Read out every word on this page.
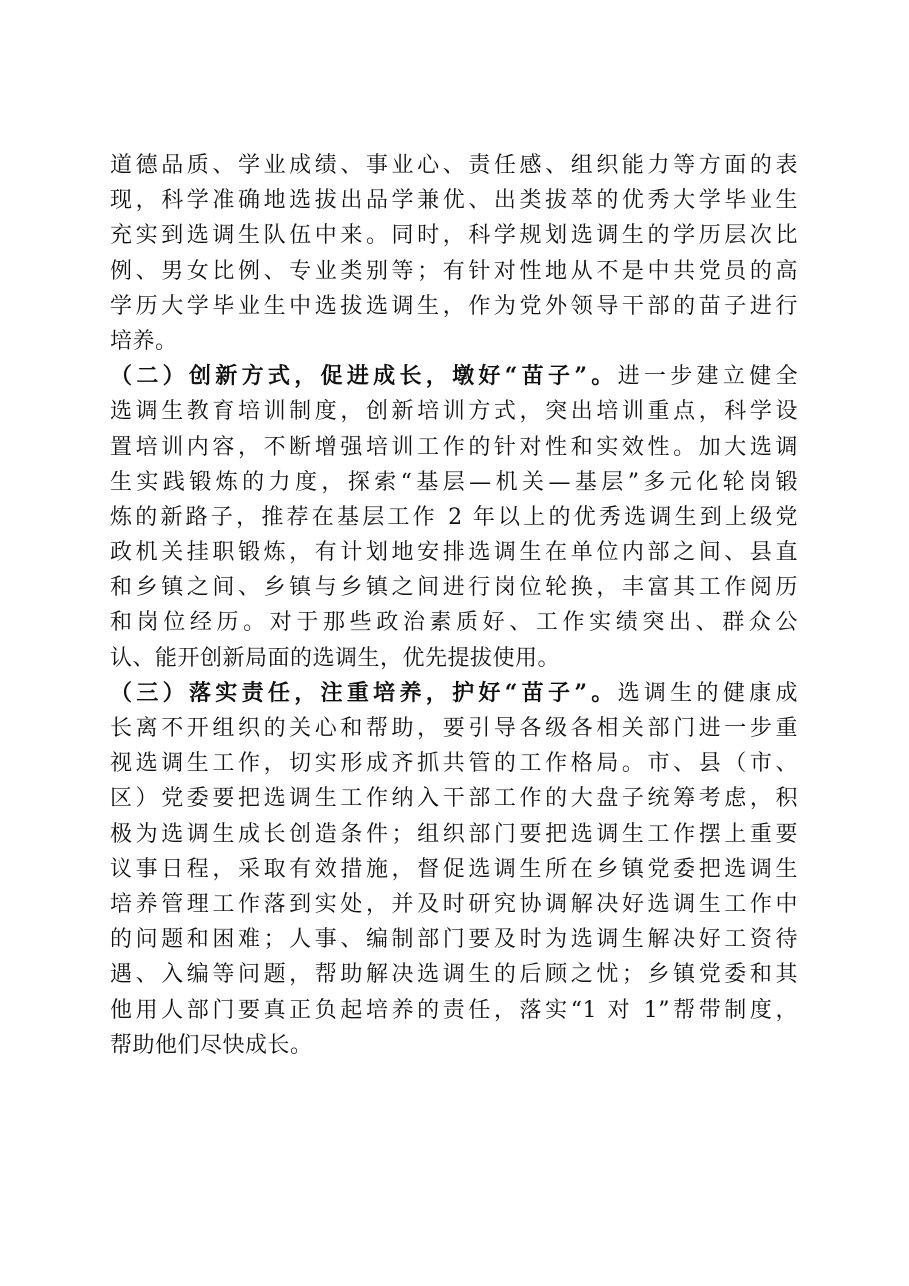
道德品质、学业成绩、事业心、责任感、组织能力等方面的表
现，科学准确地选拔出品学兼优、出类拔萃的优秀大学毕业生
充实到选调生队伍中来。同时，科学规划选调生的学历层次比
例、男女比例、专业类别等；有针对性地从不是中共党员的高
学历大学毕业生中选拔选调生，作为党外领导干部的苗子进行
培养。
（二）创新方式，促进成长，墩好“苗子”。进一步建立健全
选调生教育培训制度，创新培训方式，突出培训重点，科学设
置培训内容，不断增强培训工作的针对性和实效性。加大选调
生实践锻炼的力度，探索“基层—机关—基层”多元化轮岗锻
炼的新路子，推荐在基层工作 2 年以上的优秀选调生到上级党
政机关挂职锻炼，有计划地安排选调生在单位内部之间、县直
和乡镇之间、乡镇与乡镇之间进行岗位轮换，丰富其工作阅历
和岗位经历。对于那些政治素质好、工作实绩突出、群众公
认、能开创新局面的选调生，优先提拔使用。
（三）落实责任，注重培养，护好“苗子”。选调生的健康成
长离不开组织的关心和帮助，要引导各级各相关部门进一步重
视选调生工作，切实形成齐抓共管的工作格局。市、县（市、
区）党委要把选调生工作纳入干部工作的大盘子统筹考虑，积
极为选调生成长创造条件；组织部门要把选调生工作摆上重要
议事日程，采取有效措施，督促选调生所在乡镇党委把选调生
培养管理工作落到实处，并及时研究协调解决好选调生工作中
的问题和困难；人事、编制部门要及时为选调生解决好工资待
遇、入编等问题，帮助解决选调生的后顾之忧；乡镇党委和其
他用人部门要真正负起培养的责任，落实“1 对 1”帮带制度，
帮助他们尽快成长。
